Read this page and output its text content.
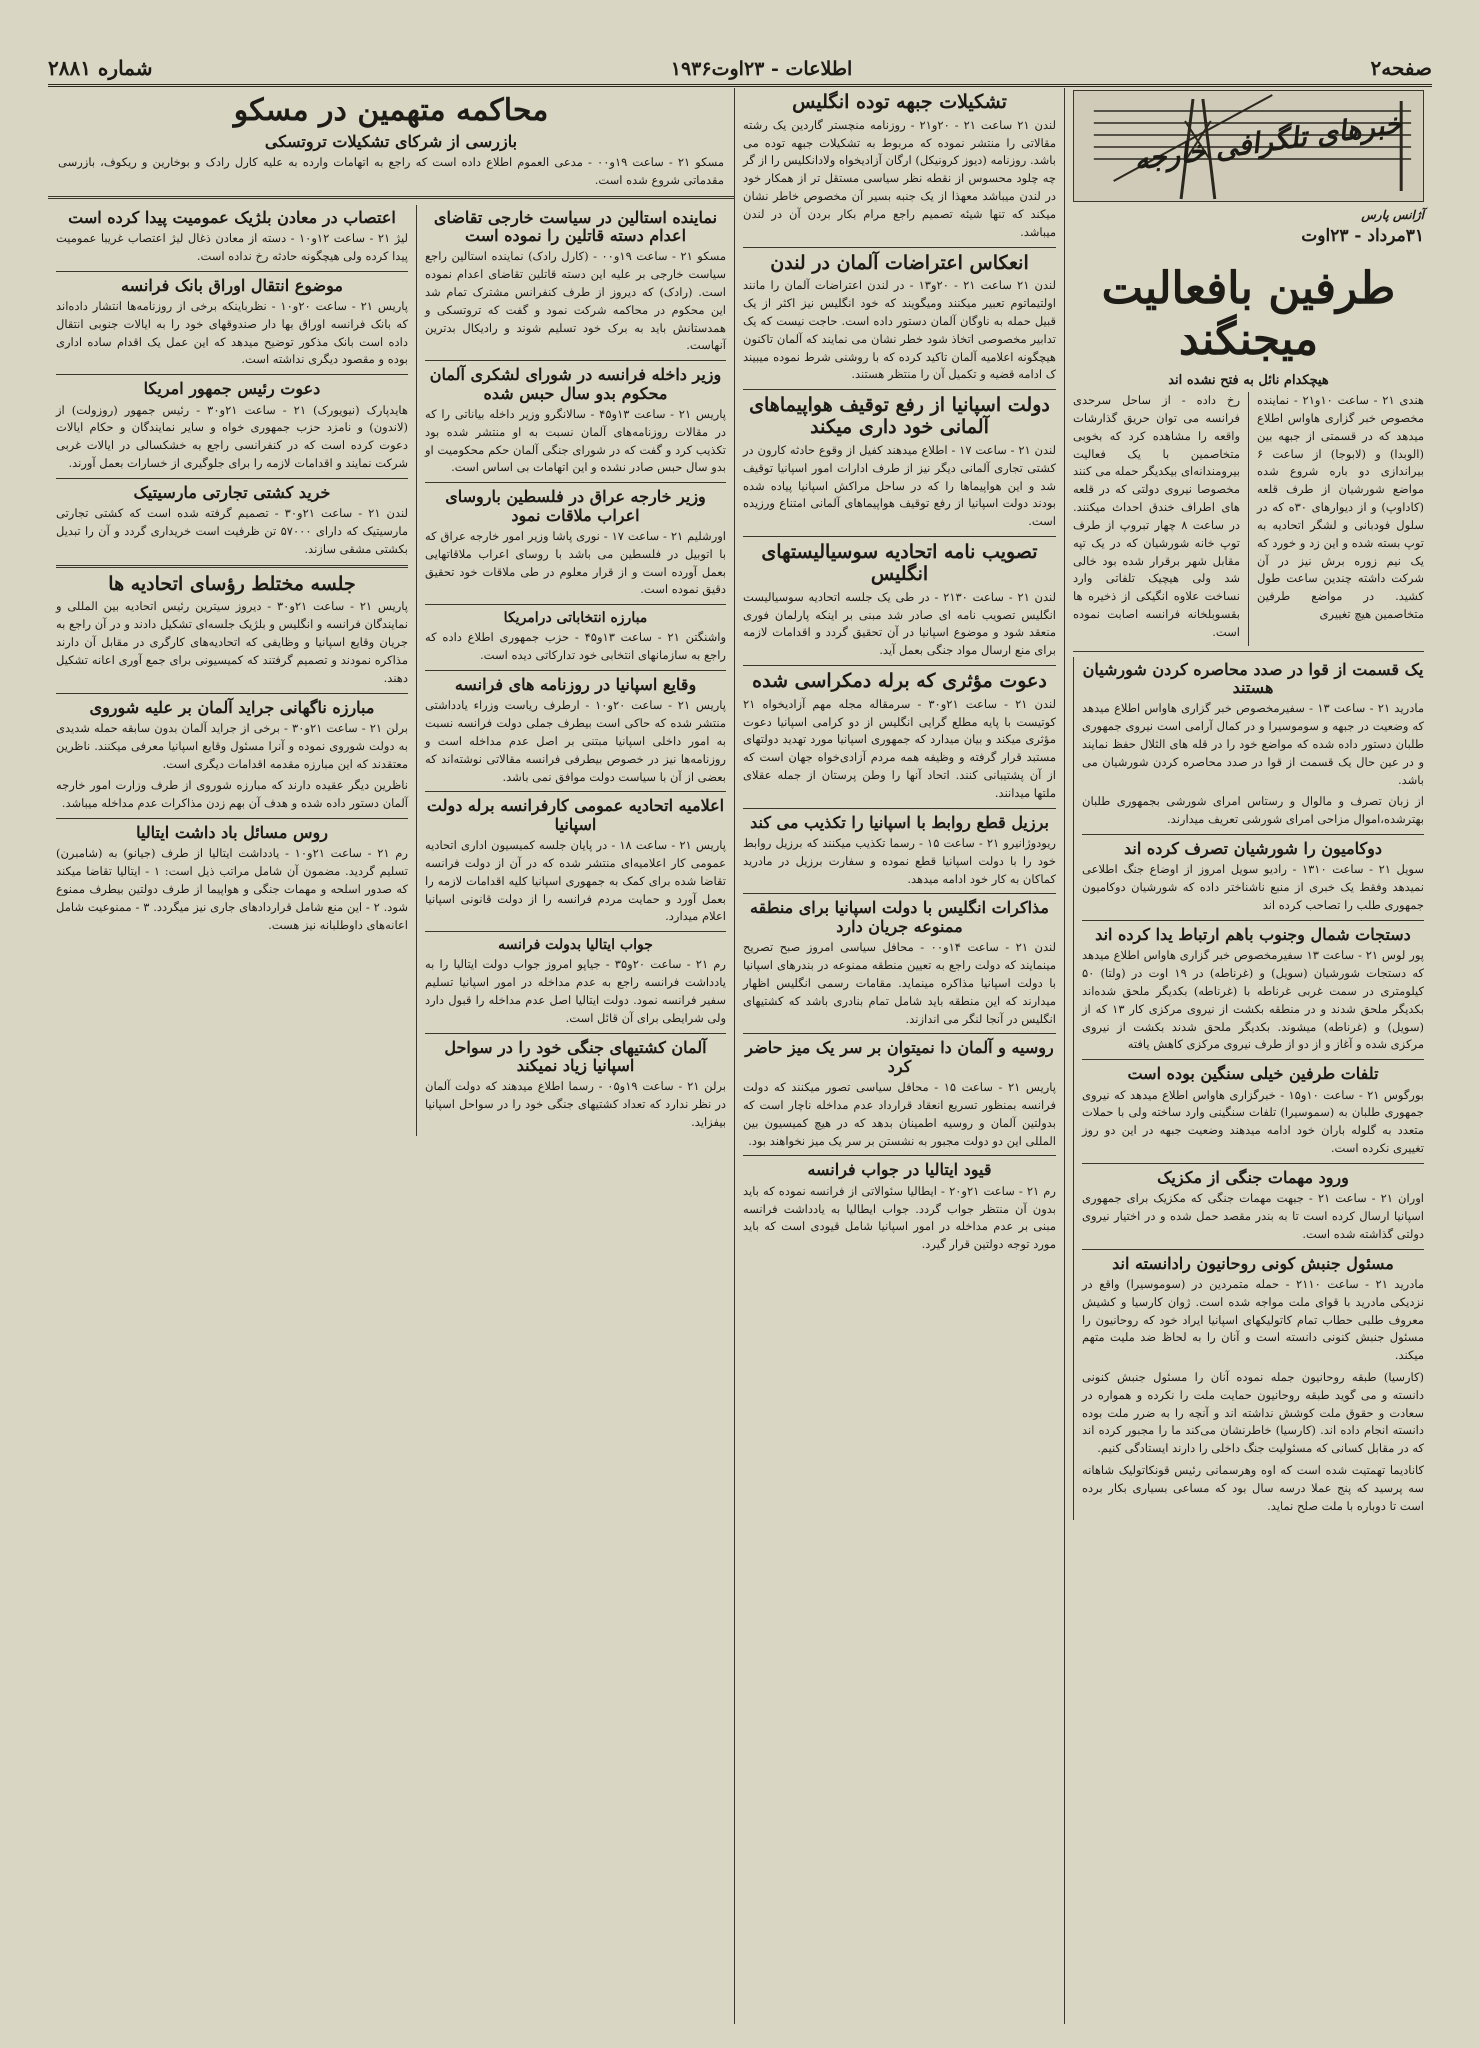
صفحه۲
اطلاعات - ۲۳اوت۱۹۳۶
شماره ۲۸۸۱
خبرهای تلگرافی خارجه
آژانس پارس
۳۱مرداد - ۲۳اوت
طرفین بافعالیت میجنگند
هیچکدام نائل به فتح نشده اند

هندی ۲۱ - ساعت ۱۰و۲۱ - نماینده مخصوص خبر گزاری هاواس اطلاع میدهد که در قسمتی از جبهه بین (الوبدا) و (لابوجا) از ساعت ۶ بیراندازی دو باره شروع شده مواضع شورشیان از طرف قلعه (کاداوپ) و از دیوارهای ۳۰ه که در سلول فودبانی و لشگر اتحادیه به توپ بسته شده و این زد و خورد که یک نیم زوره برش نیز در آن شرکت داشته چندین ساعت طول کشید. در مواضع طرفین متخاصمین هیچ تغییری

رخ داده - از ساحل سرحدی فرانسه می توان حریق گذارشات واقعه را مشاهده کرد که بخوبی متخاصمین با یک فعالیت بیرومندانه‌ای بیکدیگر حمله می کنند مخصوصا نیروی دولتی که در قلعه های اطراف خندق احداث میکنند. در ساعت ۸ چهار تبروپ از طرف توپ خانه شورشیان که در یک تپه مقابل شهر برقرار شده بود خالی شد ولی هیچیک تلفاتی وارد نساخت علاوه انگیکی از ذخیره ها بقسوبلخانه فرانسه اصابت نموده است.

یک قسمت از قوا در صدد محاصره کردن شورشیان هستند

مادرید ۲۱ - ساعت ۱۳ - سفیرمخصوص خبر گزاری هاواس اطلاع میدهد که وضعیت در جبهه و سوموسیرا و در کمال آرامی است نیروی جمهوری طلبان دستور داده شده که مواضع خود را در قله های الثلال حفظ نمایند و در عین حال یک قسمت از قوا در صدد محاصره کردن شورشیان می باشد.

از زبان تصرف و مالوال و رستاس امرای شورشی بجمهوری طلبان بهترشده،اموال مزاحی امرای شورشی تعریف میدارند.

دوکامیون را شورشیان تصرف کرده اند

سویل ۲۱ - ساعت ۱۳۱۰ - رادیو سویل امروز از اوضاع جنگ اطلاعی نمیدهد وفقط یک خبری از منبع ناشناختر داده که شورشیان دوکامیون جمهوری طلب را تصاحب کرده اند

دستجات شمال وجنوب باهم ارتباط یدا کرده اند

پور لوس ۲۱ - ساعت ۱۳ سفیرمخصوص خبر گزاری هاواس اطلاع میدهد که دستجات شورشیان (سویل) و (غرناطه) در ۱۹ اوت در (ولتا) ۵۰ کیلومتری در سمت غربی غرناطه با (غرناطه) بکدیگر ملحق شده‌اند بکدیگر ملحق شدند و در منطقه بکشت از نیروی مرکزی کار ۱۳ که از (سویل) و (غرناطه) میشوند. بکدیگر ملحق شدند بکشت از نیروی مرکزی شده و آغاز و از دو از طرف نیروی مرکزی کاهش یافته

تلفات طرفین خیلی سنگین بوده است

بورگوس ۲۱ - ساعت ۱۰و۱۵ - خبرگزاری هاواس اطلاع میدهد که نیروی جمهوری طلبان به (سموسیرا) تلفات سنگینی وارد ساخته ولی با حملات متعدد به گلوله باران خود ادامه میدهند وضعیت جبهه در این دو روز تغییری نکرده است.

ورود مهمات جنگی از مکزیک

اوران ۲۱ - ساعت ۲۱ - جبهت مهمات جنگی که مکزیک برای جمهوری اسپانیا ارسال کرده است تا به بندر مقصد حمل شده و در اختیار نیروی دولتی گذاشته شده است.

مسئول جنبش کونی روحانیون رادانسته اند

مادرید ۲۱ - ساعت ۲۱۱۰ - حمله متمردین در (سوموسیرا) واقع در نزدیکی مادرید با قوای ملت مواجه شده است. ژوان کارسیا و کشیش معروف طلبی حطاب تمام کاتولیکهای اسپانیا ایراد خود که روحانیون را مسئول جنبش کنونی دانسته است و آنان را به لحاظ ضد ملیت متهم میکند.

(کارسیا) طبقه روحانیون جمله نموده آنان را مسئول جنبش کنونی دانسته و می گوید طبقه روحانیون حمایت ملت را نکرده و همواره در سعادت و حقوق ملت کوشش نداشته اند و آنچه را به ضرر ملت بوده دانسته انجام داده اند. (کارسیا) خاطرنشان می‌کند ما را مجبور کرده اند که در مقابل کسانی که مسئولیت جنگ داخلی را دارند ایستادگی کنیم.

کانادیما تهمتیت شده است که اوه وهرسمانی رئیس قونکاتولیک شاهانه سه پرسید که پنج عملا درسه سال بود که مساعی بسیاری بکار برده است تا دوباره با ملت صلح نماید.

تشکیلات جبهه توده انگلیس

لندن ۲۱ ساعت ۲۱ - ۲۰و۲۱ - روزنامه منچستر گاردین یک رشته مقالاتی را منتشر نموده که مربوط به تشکیلات جبهه توده می باشد. روزنامه (دیوز کرونیکل) ارگان آزادیخواه ولادانکلیس را از گر چه چلود محسوس از نقطه نظر سیاسی مستقل تر از همکار خود در لندن میباشد معهذا از یک جنبه بسیر آن مخصوص خاطر نشان میکند که تنها شیئه تصمیم راجع مرام بکار بردن آن در لندن میباشد.

انعکاس اعتراضات آلمان در لندن

لندن ۲۱ ساعت ۲۱ - ۲۰و۱۳ - در لندن اعتراضات آلمان را مانند اولتیماتوم تعبیر میکنند ومیگویند که خود انگلیس نیز اکثر از یک قبیل حمله به ناوگان آلمان دستور داده است. حاجت نیست که یک تدابیر مخصوصی اتخاذ شود خطر نشان می نمایند که آلمان تاکنون هیچگونه اعلامیه آلمان تاکید کرده که با روشنی شرط نموده میبیند ک ادامه قضیه و تکمیل آن را منتظر هستند.

دولت اسپانیا از رفع توقیف هواپیماهای آلمانی خود داری میکند

لندن ۲۱ - ساعت ۱۷ - اطلاع میدهند کفیل از وقوع حادثه کارون در کشتی تجاری آلمانی دیگر نیز از طرف ادارات امور اسپانیا توقیف شد و این هواپیماها را که در ساحل مراکش اسپانیا پیاده شده بودند دولت اسپانیا از رفع توقیف هواپیماهای آلمانی امتناع ورزیده است.

تصویب نامه اتحادیه سوسیالیستهای انگلیس

لندن ۲۱ - ساعت ۲۱۳۰ - در طی یک جلسه اتحادیه سوسیالیست انگلیس تصویب نامه ای صادر شد مبنی بر اینکه پارلمان فوری منعقد شود و موضوع اسپانیا در آن تحقیق گردد و اقدامات لازمه برای منع ارسال مواد جنگی بعمل آید.

دعوت مؤثری که برله دمکراسی شده

لندن ۲۱ - ساعت ۲۱و۳۰ - سرمقاله مجله مهم آزادیخواه ۲۱ کوتیست با پایه مطلع گرایی انگلیس از دو کرامی اسپانیا دعوت مؤثری میکند و بیان میدارد که جمهوری اسپانیا مورد تهدید دولتهای مستبد قرار گرفته و وظیفه همه مردم آزادی‌خواه جهان است که از آن پشتیبانی کنند. اتحاد آنها را وطن پرستان از جمله عقلای ملتها میدانند.

برزیل قطع روابط با اسپانیا را تکذیب می کند

ریودوژانیرو ۲۱ - ساعت ۱۵ - رسما تکذیب میکنند که برزیل روابط خود را با دولت اسپانیا قطع نموده و سفارت برزیل در مادرید کماکان به کار خود ادامه میدهد.

مذاکرات انگلیس با دولت اسپانیا برای منطقه ممنوعه جریان دارد

لندن ۲۱ - ساعت ۱۴و۰۰ - محافل سیاسی امروز صبح تصریح مینمایند که دولت راجع به تعیین منطقه ممنوعه در بندرهای اسپانیا با دولت اسپانیا مذاکره مینماید. مقامات رسمی انگلیس اظهار میدارند که این منطقه باید شامل تمام بنادری باشد که کشتیهای انگلیس در آنجا لنگر می اندازند.

روسیه و آلمان دا نمیتوان بر سر یک میز حاضر کرد

پاریس ۲۱ - ساعت ۱۵ - محافل سیاسی تصور میکنند که دولت فرانسه بمنظور تسریع انعقاد قرارداد عدم مداخله ناچار است که بدولتین آلمان و روسیه اطمینان بدهد که در هیچ کمیسیون بین المللی این دو دولت مجبور به نشستن بر سر یک میز نخواهند بود.

قیود ایتالیا در جواب فرانسه

رم ۲۱ - ساعت ۲۱و۲۰ - ایطالیا سئوالاتی از فرانسه نموده که باید بدون آن منتظر جواب گردد. جواب ایطالیا به یادداشت فرانسه مبنی بر عدم مداخله در امور اسپانیا شامل قیودی است که باید مورد توجه دولتین قرار گیرد.

محاکمه متهمین در مسکو
بازرسی از شرکای تشکیلات تروتسکی

مسکو ۲۱ - ساعت ۱۹و۰۰ - مدعی العموم اطلاع داده است که راجع به اتهامات وارده به علیه کارل رادک و بوخارین و ریکوف، بازرسی مقدماتی شروع شده است.

نماینده استالین در سیاست خارجی تقاضای اعدام دسته قاتلین را نموده است

مسکو ۲۱ - ساعت ۱۹و۰۰ - (کارل رادک) نماینده استالین راجع سیاست خارجی بر علیه این دسته قاتلین تقاضای اعدام نموده است. (رادک) که دیروز از طرف کنفرانس مشترک تمام شد این محکوم در محاکمه شرکت نمود و گفت که تروتسکی و همدستانش باید به برک خود تسلیم شوند و رادیکال بدترین آنهاست.

وزیر داخله فرانسه در شورای لشکری آلمان محکوم بدو سال حبس شده

پاریس ۲۱ - ساعت ۱۳و۴۵ - سالانگرو وزیر داخله بیاناتی را که در مقالات روزنامه‌های آلمان نسبت به او منتشر شده بود تکذیب کرد و گفت که در شورای جنگی آلمان حکم محکومیت او بدو سال حبس صادر نشده و این اتهامات بی اساس است.

وزیر خارجه عراق در فلسطین باروسای اعراب ملاقات نمود

اورشلیم ۲۱ - ساعت ۱۷ - نوری پاشا وزیر امور خارجه عراق که با اتوبیل در فلسطین می باشد با روسای اعراب ملاقاتهایی بعمل آورده است و از قرار معلوم در طی ملاقات خود تحقیق دقیق نموده است.

مبارزه انتخاباتی درامریکا

واشنگتن ۲۱ - ساعت ۱۳و۴۵ - حزب جمهوری اطلاع داده که راجع به سازمانهای انتخابی خود تدارکاتی دیده است.

وقایع اسپانیا در روزنامه های فرانسه

پاریس ۲۱ - ساعت ۲۰و۱۰ - ارطرف ریاست وزراء یادداشتی منتشر شده که حاکی است بیطرف جملی دولت فرانسه نسبت به امور داخلی اسپانیا مبتنی بر اصل عدم مداخله است و روزنامه‌ها نیز در خصوص بیطرفی فرانسه مقالاتی نوشته‌اند که بعضی از آن با سیاست دولت موافق نمی باشد.

اعلامیه اتحادیه عمومی کارفرانسه برله دولت اسپانیا

پاریس ۲۱ - ساعت ۱۸ - در پایان جلسه کمیسیون اداری اتحادیه عمومی کار اعلامیه‌ای منتشر شده که در آن از دولت فرانسه تقاضا شده برای کمک به جمهوری اسپانیا کلیه اقدامات لازمه را بعمل آورد و حمایت مردم فرانسه را از دولت قانونی اسپانیا اعلام میدارد.

جواب ایتالیا بدولت فرانسه

رم ۲۱ - ساعت ۲۰و۳۵ - جیاپو امروز جواب دولت ایتالیا را به یادداشت فرانسه راجع به عدم مداخله در امور اسپانیا تسلیم سفیر فرانسه نمود. دولت ایتالیا اصل عدم مداخله را قبول دارد ولی شرایطی برای آن قائل است.

آلمان کشتیهای جنگی خود را در سواحل اسپانیا زیاد نمیکند

برلن ۲۱ - ساعت ۱۹و۰۵ - رسما اطلاع میدهند که دولت آلمان در نظر ندارد که تعداد کشتیهای جنگی خود را در سواحل اسپانیا بیفزاید.

اعتصاب در معادن بلژیک عمومیت پیدا کرده است

لیژ ۲۱ - ساعت ۱۲و۱۰ - دسته از معادن ذغال لیژ اعتصاب غریبا عمومیت پیدا کرده ولی هیچگونه حادثه رخ نداده است.

موضوع انتقال اوراق بانک فرانسه

پاریس ۲۱ - ساعت ۲۰و۱۰ - نظرباینکه برخی از روزنامه‌ها انتشار داده‌اند که بانک فرانسه اوراق بها دار صندوقهای خود را به ایالات جنوبی انتقال داده است بانک مذکور توضیح میدهد که این عمل یک اقدام ساده اداری بوده و مقصود دیگری نداشته است.

دعوت رئیس جمهور امریکا

هایدپارک (نیویورک) ۲۱ - ساعت ۲۱و۳۰ - رئیس جمهور (روزولت) از (لاندون) و نامزد حزب جمهوری خواه و سایر نمایندگان و حکام ایالات دعوت کرده است که در کنفرانسی راجع به خشکسالی در ایالات غربی شرکت نمایند و اقدامات لازمه را برای جلوگیری از خسارات بعمل آورند.

خرید کشتی تجارتی مارسیتیک

لندن ۲۱ - ساعت ۲۱و۳۰ - تصمیم گرفته شده است که کشتی تجارتی مارسیتیک که دارای ۵۷۰۰۰ تن ظرفیت است خریداری گردد و آن را تبدیل بکشتی مشقی سازند.

جلسه مختلط رؤسای اتحادیه ها

پاریس ۲۱ - ساعت ۲۱و۳۰ - دیروز سیترین رئیس اتحادیه بین المللی و نمایندگان فرانسه و انگلیس و بلژیک جلسه‌ای تشکیل دادند و در آن راجع به جریان وقایع اسپانیا و وظایفی که اتحادیه‌های کارگری در مقابل آن دارند مذاکره نمودند و تصمیم گرفتند که کمیسیونی برای جمع آوری اعانه تشکیل دهند.

مبارزه ناگهانی جراید آلمان بر علیه شوروی

برلن ۲۱ - ساعت ۲۱و۳۰ - برخی از جراید آلمان بدون سابقه حمله شدیدی به دولت شوروی نموده و آنرا مسئول وقایع اسپانیا معرفی میکنند. ناظرین معتقدند که این مبارزه مقدمه اقدامات دیگری است.

ناظرین دیگر عقیده دارند که مبارزه شوروی از طرف وزارت امور خارجه آلمان دستور داده شده و هدف آن بهم زدن مذاکرات عدم مداخله میباشد.

روس مسائل باد داشت ایتالیا

رم ۲۱ - ساعت ۲۱و۱۰ - یادداشت ایتالیا از طرف (جیانو) به (شامبرن) تسلیم گردید. مضمون آن شامل مراتب ذیل است: ۱ - ایتالیا تقاضا میکند که صدور اسلحه و مهمات جنگی و هواپیما از طرف دولتین بیطرف ممنوع شود. ۲ - این منع شامل قراردادهای جاری نیز میگردد. ۳ - ممنوعیت شامل اعانه‌های داوطلبانه نیز هست.
